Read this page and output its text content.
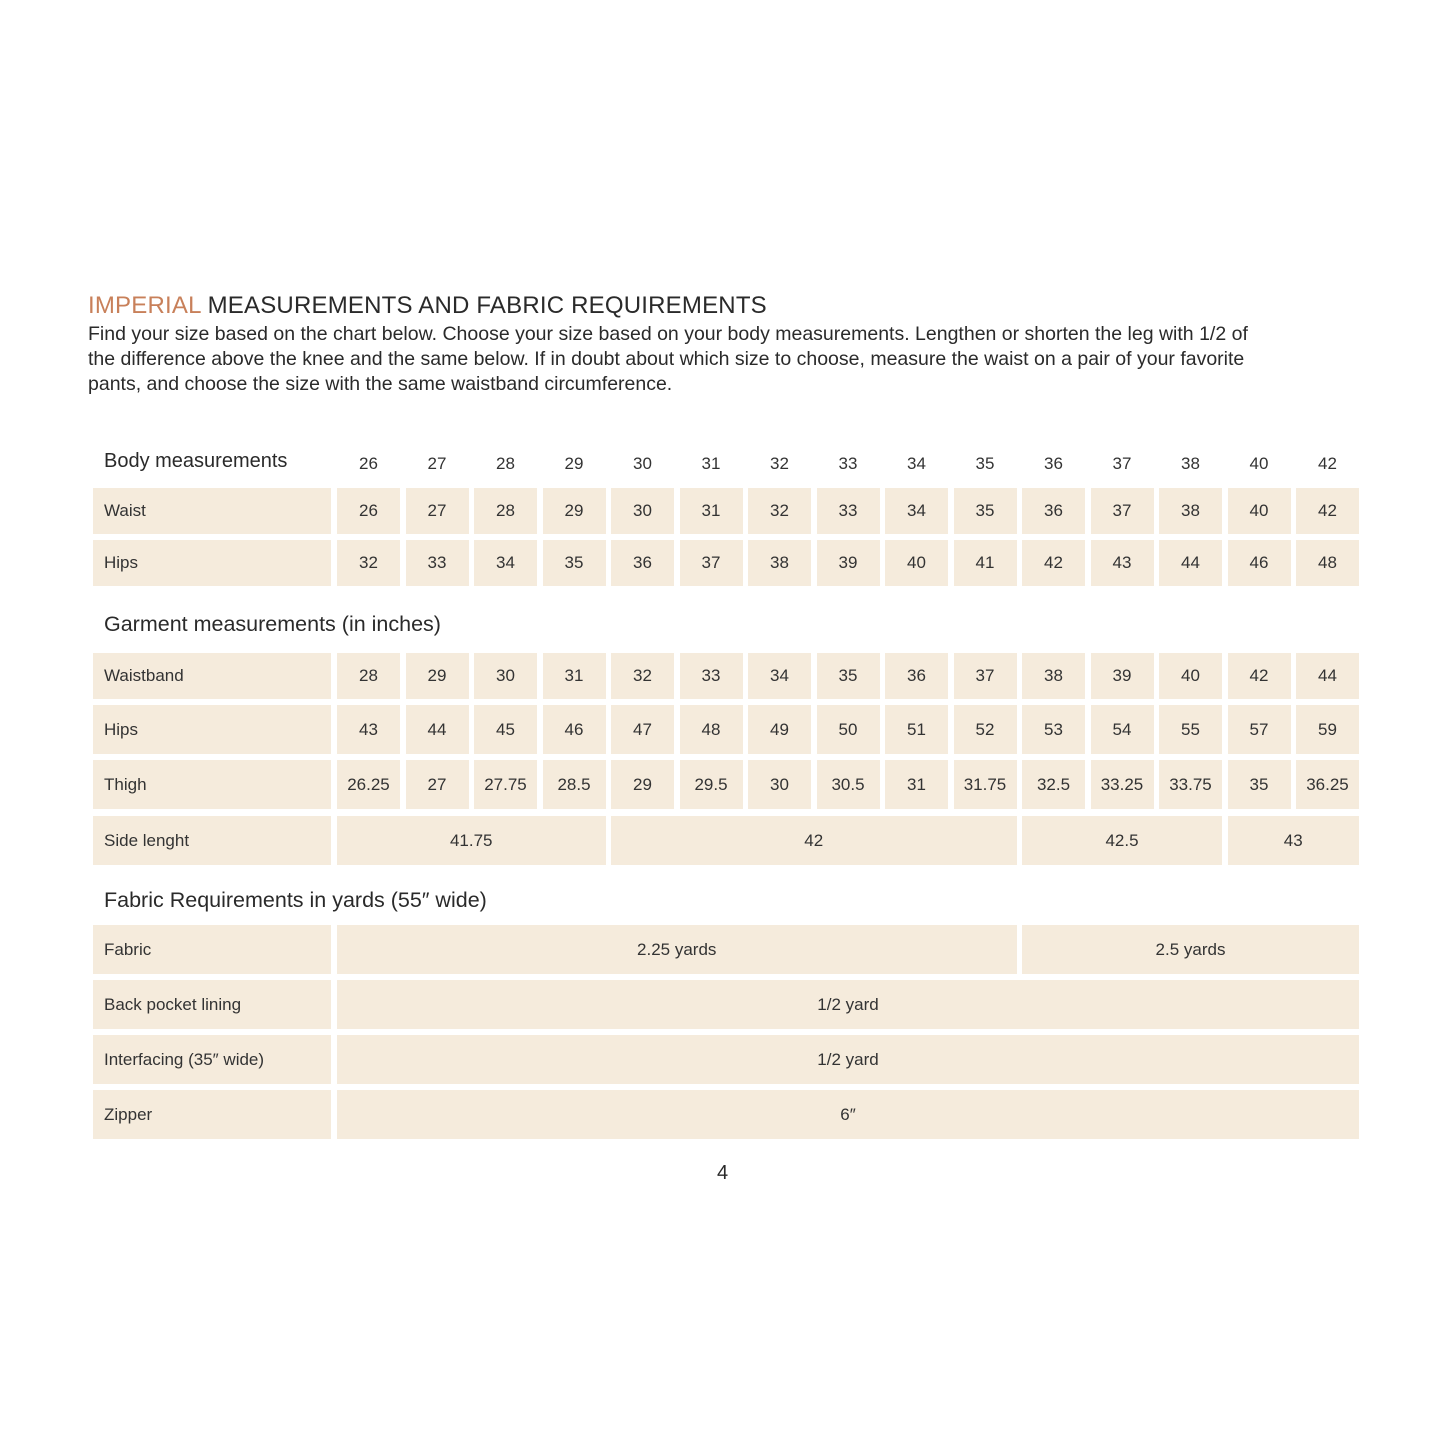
IMPERIAL MEASUREMENTS AND FABRIC REQUIREMENTS
Find your size based on the chart below. Choose your size based on your body measurements. Lengthen or shorten the leg with 1/2 of
the difference above the knee and the same below. If in doubt about which size to choose, measure the waist on a pair of your favorite
pants, and choose the size with the same waistband circumference.
Body measurements	26	27	28	29	30	31	32	33	34	35	36	37	38	40	42
Waist	26	27	28	29	30	31	32	33	34	35	36	37	38	40	42
Hips	32	33	34	35	36	37	38	39	40	41	42	43	44	46	48
Garment measurements (in inches)
Waistband	28	29	30	31	32	33	34	35	36	37	38	39	40	42	44
Hips	43	44	45	46	47	48	49	50	51	52	53	54	55	57	59
Thigh	26.25	27	27.75	28.5	29	29.5	30	30.5	31	31.75	32.5	33.25	33.75	35	36.25
Side lenght	41.75	42	42.5	43
Fabric Requirements in yards (55″ wide)
Fabric	2.25 yards	2.5 yards
Back pocket lining	1/2 yard
Interfacing (35″ wide)	1/2 yard
Zipper	6″
4
